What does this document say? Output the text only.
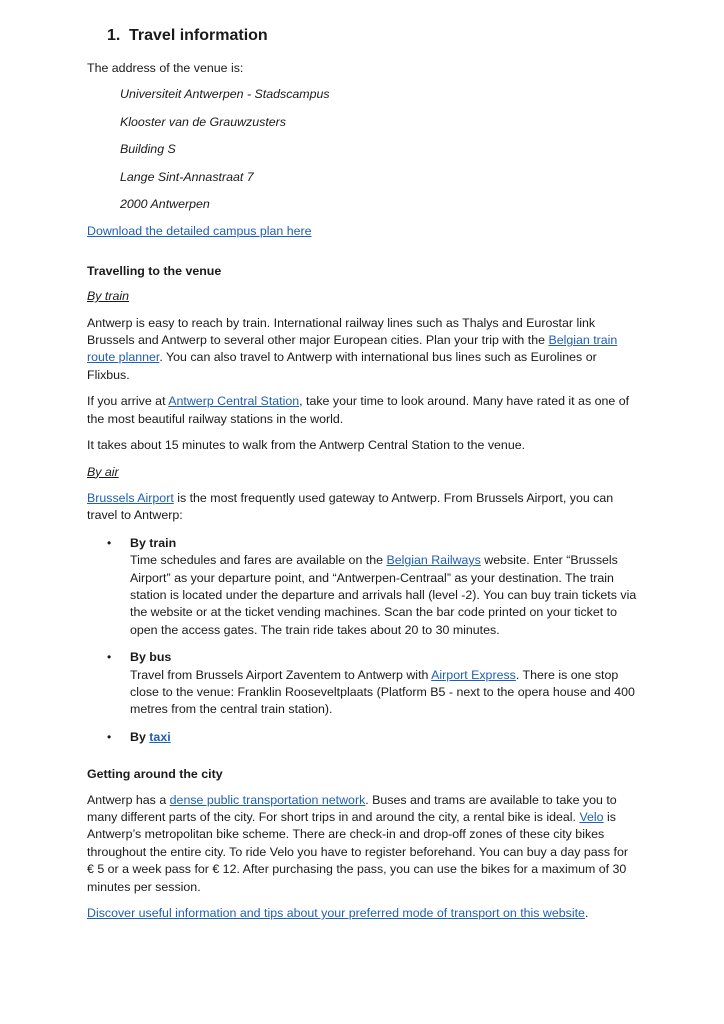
1. Travel information

The address of the venue is:

Universiteit Antwerpen - Stadscampus

Klooster van de Grauwzusters

Building S

Lange Sint-Annastraat 7

2000 Antwerpen

Download the detailed campus plan here

Travelling to the venue

By train

Antwerp is easy to reach by train. International railway lines such as Thalys and Eurostar link Brussels and Antwerp to several other major European cities. Plan your trip with the Belgian train route planner. You can also travel to Antwerp with international bus lines such as Eurolines or Flixbus.

If you arrive at Antwerp Central Station, take your time to look around. Many have rated it as one of the most beautiful railway stations in the world.

It takes about 15 minutes to walk from the Antwerp Central Station to the venue.

By air

Brussels Airport is the most frequently used gateway to Antwerp. From Brussels Airport, you can travel to Antwerp:

• By train
Time schedules and fares are available on the Belgian Railways website. Enter “Brussels Airport” as your departure point, and “Antwerpen-Centraal” as your destination. The train station is located under the departure and arrivals hall (level -2). You can buy train tickets via the website or at the ticket vending machines. Scan the bar code printed on your ticket to open the access gates. The train ride takes about 20 to 30 minutes.
• By bus
Travel from Brussels Airport Zaventem to Antwerp with Airport Express. There is one stop close to the venue: Franklin Rooseveltplaats (Platform B5 - next to the opera house and 400 metres from the central train station).
• By taxi

Getting around the city

Antwerp has a dense public transportation network. Buses and trams are available to take you to many different parts of the city. For short trips in and around the city, a rental bike is ideal. Velo is Antwerp’s metropolitan bike scheme. There are check-in and drop-off zones of these city bikes throughout the entire city. To ride Velo you have to register beforehand. You can buy a day pass for € 5 or a week pass for € 12. After purchasing the pass, you can use the bikes for a maximum of 30 minutes per session.

Discover useful information and tips about your preferred mode of transport on this website.
